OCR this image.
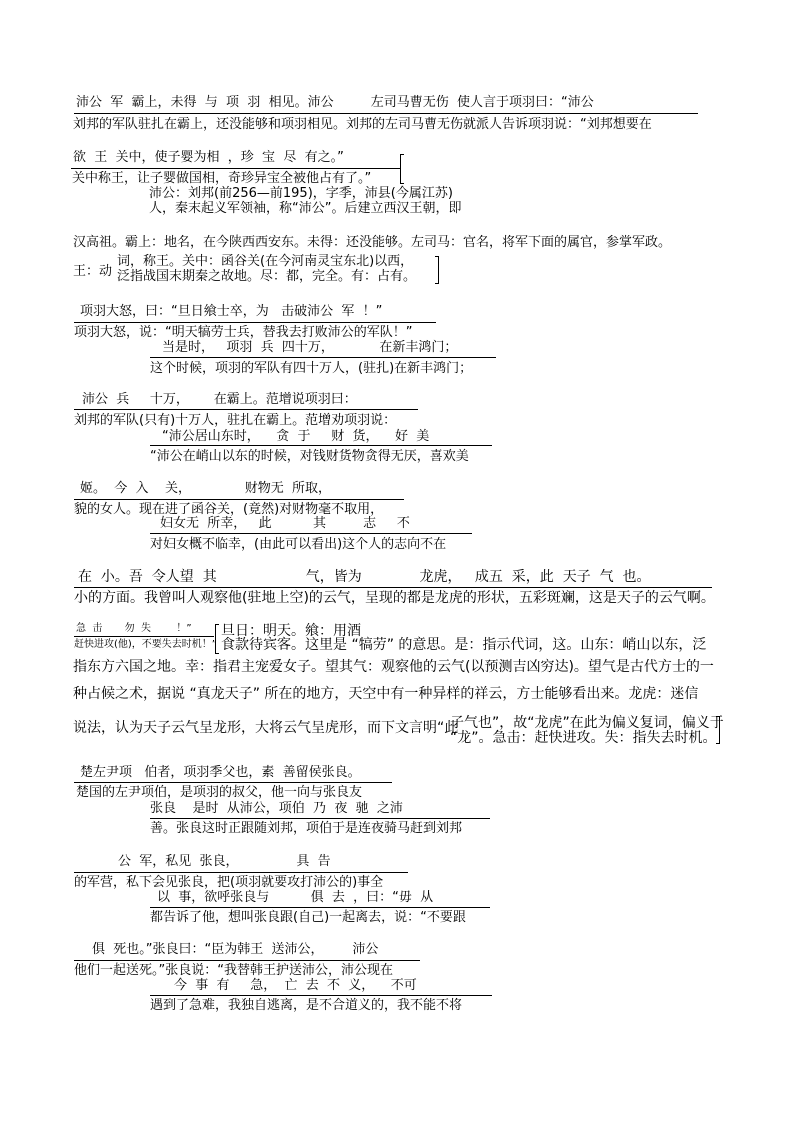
沛公  军  霸上，未得  与  项  羽  相见。沛公         左司马曹无伤  使人言于项羽曰：“沛公
刘邦的军队驻扎在霸上，还没能够和项羽相见。刘邦的左司马曹无伤就派人告诉项羽说：“刘邦想要在
欲  王  关中，使子婴为相  ，珍  宝  尽  有之。”
关中称王，让子婴做国相，奇珍异宝全被他占有了。”
沛公：刘邦(前256—前195)，字季，沛县(今属江苏)
人，秦末起义军领袖，称“沛公”。后建立西汉王朝，即
汉高祖。霸上：地名，在今陕西西安东。未得：还没能够。左司马：官名，将军下面的属官，参掌军政。
王：动
词，称王。关中：函谷关(在今河南灵宝东北)以西，
泛指战国末期秦之故地。尽：都，完全。有：占有。
项羽大怒，曰：“旦日飨士卒，为   击破沛公  军  ！”
项羽大怒，说：“明天犒劳士兵，替我去打败沛公的军队！”
当是时，   项羽  兵  四十万，           在新丰鸿门；
这个时候，项羽的军队有四十万人，(驻扎)在新丰鸿门；
沛公  兵     十万，      在霸上。范增说项羽曰：
刘邦的军队(只有)十万人，驻扎在霸上。范增劝项羽说：
“沛公居山东时，    贪  于     财  货，    好  美
“沛公在峭山以东的时候，对钱财货物贪得无厌，喜欢美
姬。  今  入    关，             财物无  所取，
貌的女人。现在进了函谷关，(竟然)对财物毫不取用，
妇女无  所幸，   此          其         志     不
对妇女概不临幸，(由此可以看出)这个人的志向不在
在  小。吾  令人望  其                    气，皆为             龙虎，   成五  采，此  天子  气  也。
小的方面。我曾叫人观察他(驻地上空)的云气，呈现的都是龙虎的形状，五彩斑斓，这是天子的云气啊。
急  击       勿  失        ！”
赶快进攻(他)，不要失去时机！”
旦日：明天。飨：用酒
食款待宾客。这里是 “犒劳” 的意思。是：指示代词，这。山东：峭山以东，泛
指东方六国之地。幸：指君主宠爱女子。望其气：观察他的云气(以预测吉凶穷达)。望气是古代方士的一
种占候之术，据说 “真龙天子” 所在的地方，天空中有一种异样的祥云，方士能够看出来。龙虎：迷信
说法，认为天子云气呈龙形，大将云气呈虎形，而下文言明“此
子气也”，故“龙虎”在此为偏义复词，偏义于
“龙”。急击：赶快进攻。失：指失去时机。
楚左尹项   伯者，项羽季父也，素  善留侯张良。
楚国的左尹项伯，是项羽的叔父，他一向与张良友
张良    是时  从沛公，项伯  乃  夜  驰  之沛
善。张良这时正跟随刘邦，项伯于是连夜骑马赶到刘邦
公  军，私见  张良，              具  告
的军营，私下会见张良，把(项羽就要攻打沛公的)事全
以  事，欲呼张良与          俱  去  ，曰：“毋  从
都告诉了他，想叫张良跟(自己)一起离去，说：“不要跟
俱  死也。”张良曰：“臣为韩王  送沛公，       沛公
他们一起送死。”张良说：“我替韩王护送沛公，沛公现在
今  事  有     急，  亡  去  不  义，    不可
遇到了急难，我独自逃离，是不合道义的，我不能不将
